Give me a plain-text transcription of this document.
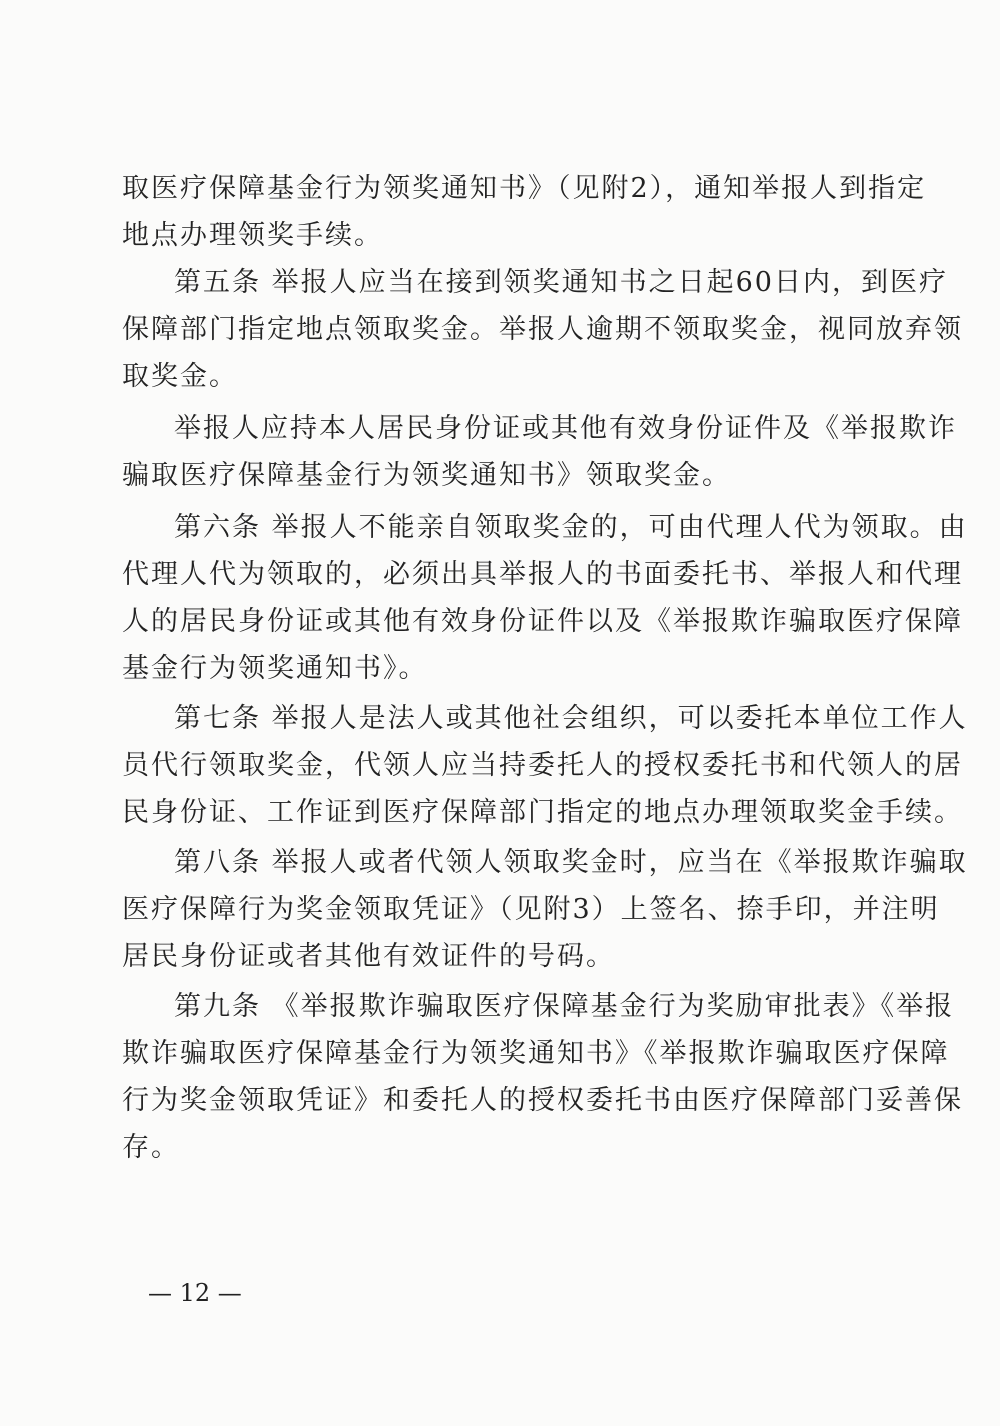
取医疗保障基金行为领奖通知书》（见附2），通知举报人到指定
地点办理领奖手续。
第五条 举报人应当在接到领奖通知书之日起60日内，到医疗
保障部门指定地点领取奖金。举报人逾期不领取奖金，视同放弃领
取奖金。
举报人应持本人居民身份证或其他有效身份证件及《举报欺诈
骗取医疗保障基金行为领奖通知书》领取奖金。
第六条 举报人不能亲自领取奖金的，可由代理人代为领取。由
代理人代为领取的，必须出具举报人的书面委托书、举报人和代理
人的居民身份证或其他有效身份证件以及《举报欺诈骗取医疗保障
基金行为领奖通知书》。
第七条 举报人是法人或其他社会组织，可以委托本单位工作人
员代行领取奖金，代领人应当持委托人的授权委托书和代领人的居
民身份证、工作证到医疗保障部门指定的地点办理领取奖金手续。
第八条 举报人或者代领人领取奖金时，应当在《举报欺诈骗取
医疗保障行为奖金领取凭证》（见附3）上签名、捺手印，并注明
居民身份证或者其他有效证件的号码。
第九条 《举报欺诈骗取医疗保障基金行为奖励审批表》《举报
欺诈骗取医疗保障基金行为领奖通知书》《举报欺诈骗取医疗保障
行为奖金领取凭证》和委托人的授权委托书由医疗保障部门妥善保
存。
— 12 —
